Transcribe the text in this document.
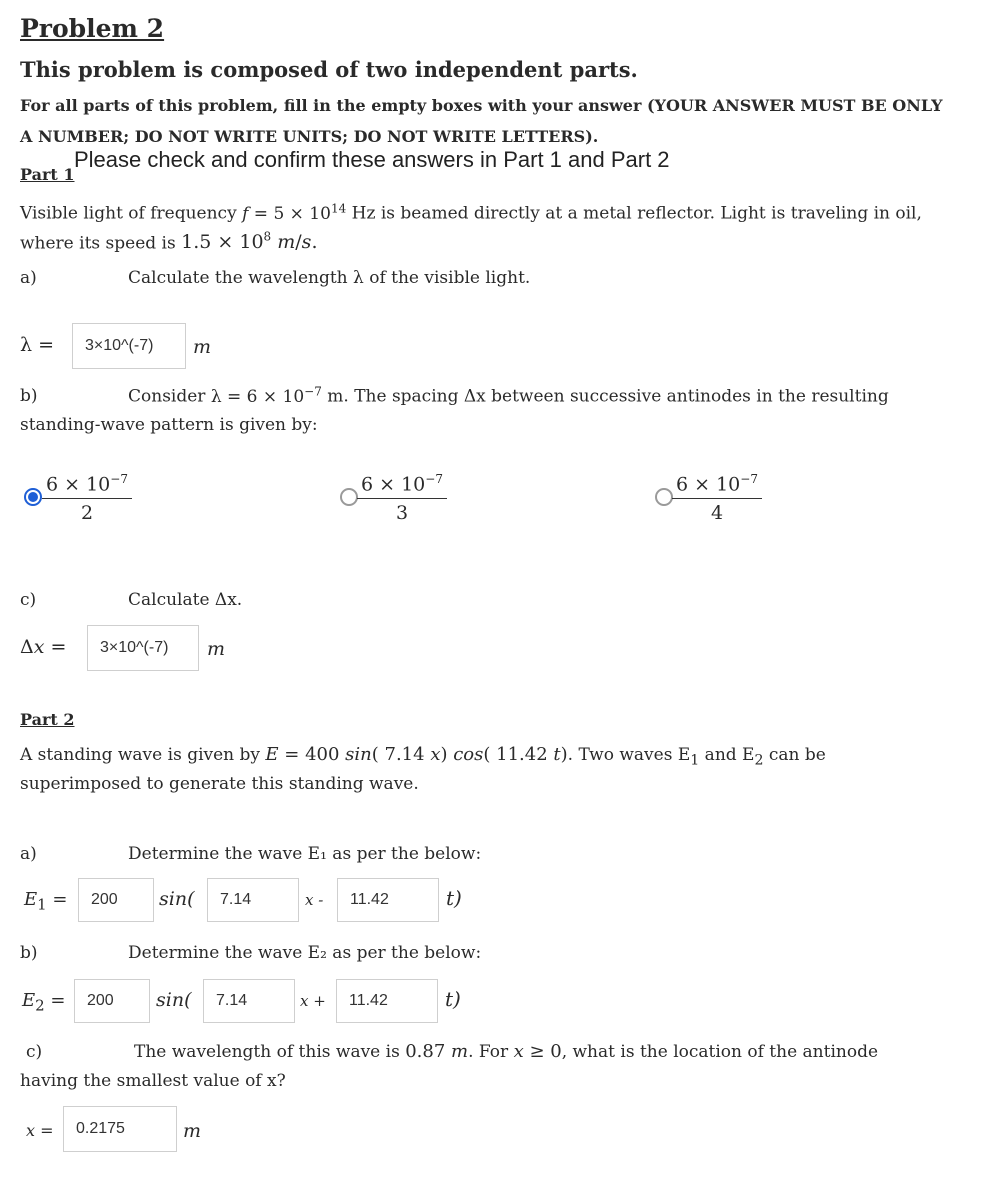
Problem 2
This problem is composed of two independent parts.
For all parts of this problem, fill in the empty boxes with your answer (YOUR ANSWER MUST BE ONLY
A NUMBER; DO NOT WRITE UNITS; DO NOT WRITE LETTERS).
Please check and confirm these answers in Part 1 and Part 2
Part 1
Visible light of frequency $f = 5 \times 10^{14}$ Hz is beamed directly at a metal reflector. Light is traveling in oil,
where its speed is $1.5 \times 10^8$ m/s.
a)	Calculate the wavelength λ of the visible light.
λ =	3×10^(-7)	m
b)	Consider $\lambda = 6 \times 10^{-7}$ m. The spacing Δx between successive antinodes in the resulting
standing-wave pattern is given by:
$\frac{6 \times 10^{-7}}{2}$	$\frac{6 \times 10^{-7}}{3}$	$\frac{6 \times 10^{-7}}{4}$
c)	Calculate Δx.
Δx =	3×10^(-7)	m
Part 2
A standing wave is given by E = 400 sin( 7.14 x) cos( 11.42 t). Two waves $E_1$ and $E_2$ can be
superimposed to generate this standing wave.
a)	Determine the wave E₁ as per the below:
$E_1$ =	200	sin(	7.14	x -	11.42	t)
b)	Determine the wave E₂ as per the below:
$E_2$ =	200	sin(	7.14	x +	11.42	t)
c)	The wavelength of this wave is 0.87 m. For x ≥ 0, what is the location of the antinode
having the smallest value of x?
x =	0.2175	m
